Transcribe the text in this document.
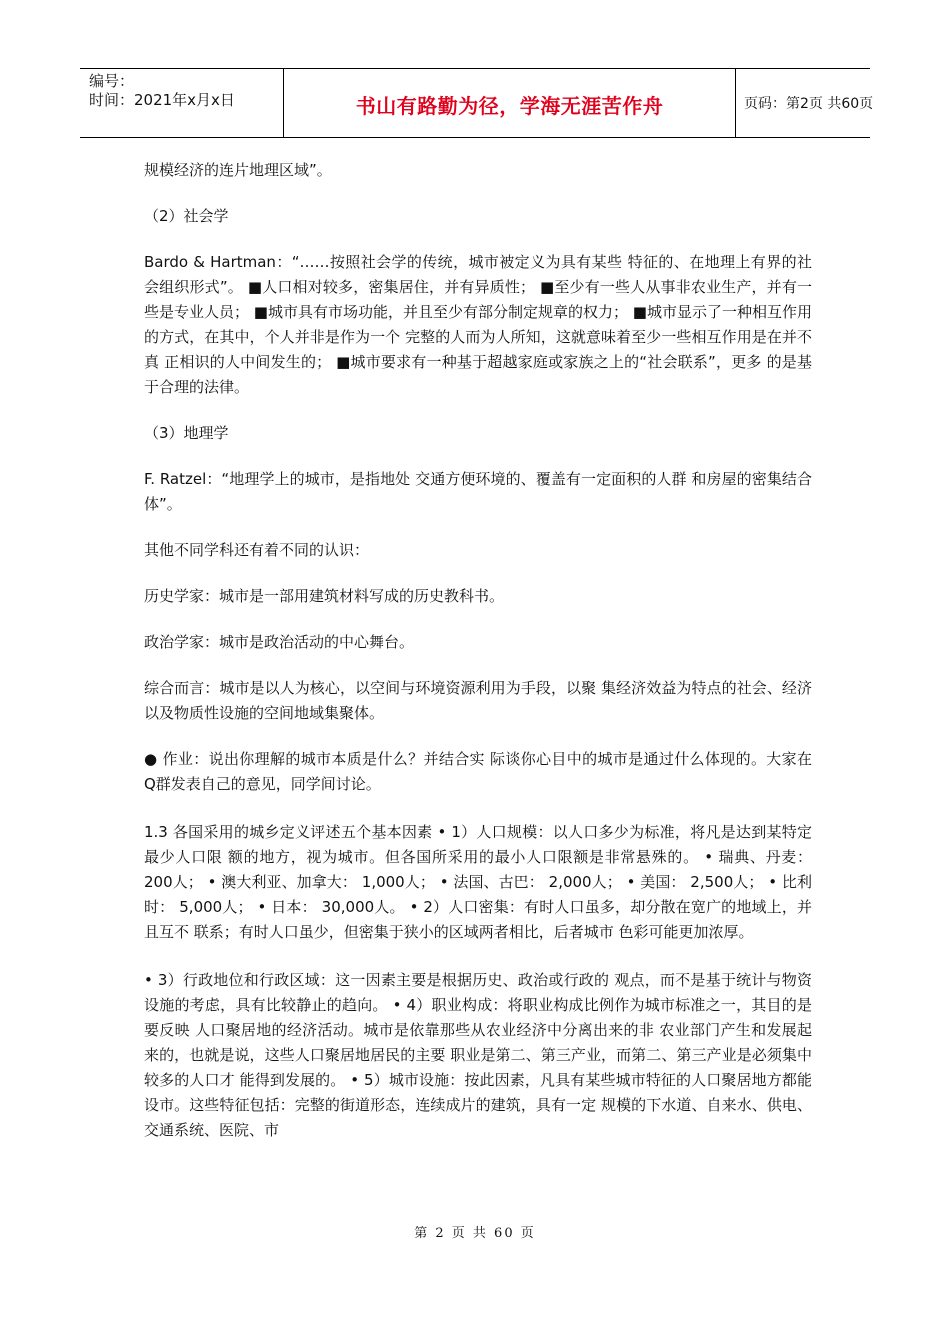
编号：
时间：2021年x月x日	书山有路勤为径，学海无涯苦作舟	页码：第2页 共60页

规模经济的连片地理区域”。

（2）社会学

Bardo & Hartman：“……按照社会学的传统，城市被定义为具有某些 特征的、在地理上有界的社会组织形式”。 ■人口相对较多，密集居住，并有异质性； ■至少有一些人从事非农业生产，并有一些是专业人员； ■城市具有市场功能，并且至少有部分制定规章的权力； ■城市显示了一种相互作用的方式，在其中，个人并非是作为一个 完整的人而为人所知，这就意味着至少一些相互作用是在并不真 正相识的人中间发生的； ■城市要求有一种基于超越家庭或家族之上的“社会联系”，更多 的是基于合理的法律。

（3）地理学

F. Ratzel：“地理学上的城市，是指地处 交通方便环境的、覆盖有一定面积的人群 和房屋的密集结合体”。

其他不同学科还有着不同的认识：

历史学家：城市是一部用建筑材料写成的历史教科书。

政治学家：城市是政治活动的中心舞台。

综合而言：城市是以人为核心，以空间与环境资源利用为手段，以聚 集经济效益为特点的社会、经济以及物质性设施的空间地域集聚体。

● 作业：说出你理解的城市本质是什么？并结合实 际谈你心目中的城市是通过什么体现的。大家在 Q群发表自己的意见，同学间讨论。

1.3 各国采用的城乡定义评述五个基本因素 • 1）人口规模：以人口多少为标准，将凡是达到某特定最少人口限 额的地方，视为城市。但各国所采用的最小人口限额是非常悬殊的。 • 瑞典、丹麦： 200人； • 澳大利亚、加拿大： 1,000人； • 法国、古巴： 2,000人； • 美国： 2,500人； • 比利时： 5,000人； • 日本： 30,000人。 • 2）人口密集：有时人口虽多，却分散在宽广的地域上，并且互不 联系；有时人口虽少，但密集于狭小的区域两者相比，后者城市 色彩可能更加浓厚。

• 3）行政地位和行政区域：这一因素主要是根据历史、政治或行政的 观点，而不是基于统计与物资设施的考虑，具有比较静止的趋向。 • 4）职业构成：将职业构成比例作为城市标准之一，其目的是要反映 人口聚居地的经济活动。城市是依靠那些从农业经济中分离出来的非 农业部门产生和发展起来的，也就是说，这些人口聚居地居民的主要 职业是第二、第三产业，而第二、第三产业是必须集中较多的人口才 能得到发展的。 • 5）城市设施：按此因素，凡具有某些城市特征的人口聚居地方都能 设市。这些特征包括：完整的街道形态，连续成片的建筑，具有一定 规模的下水道、自来水、供电、交通系统、医院、市

第 2 页 共 60 页
